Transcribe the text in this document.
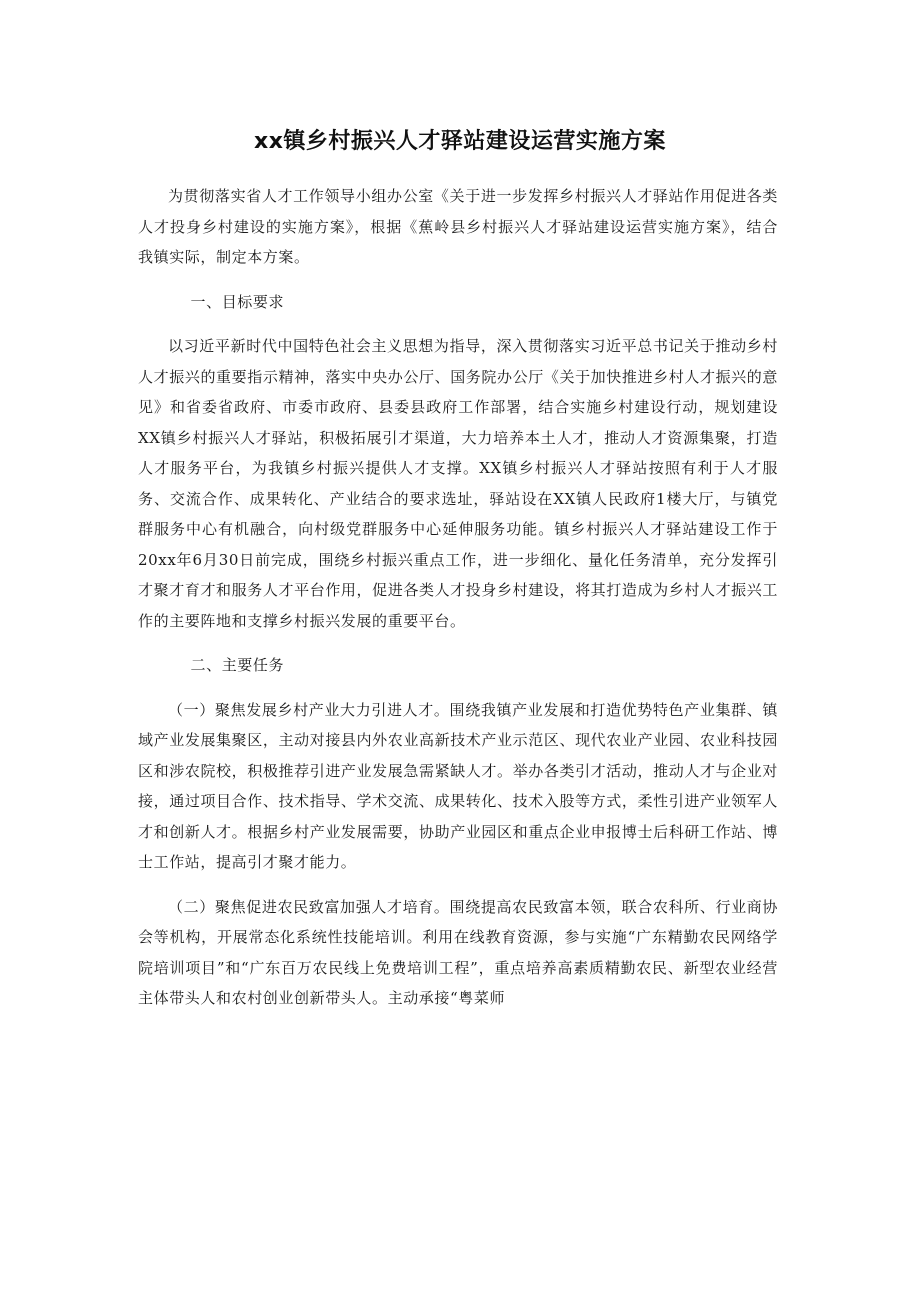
xx镇乡村振兴人才驿站建设运营实施方案

为贯彻落实省人才工作领导小组办公室《关于进一步发挥乡村振兴人才驿站作用促进各类人才投身乡村建设的实施方案》，根据《蕉岭县乡村振兴人才驿站建设运营实施方案》，结合我镇实际，制定本方案。

一、目标要求

以习近平新时代中国特色社会主义思想为指导，深入贯彻落实习近平总书记关于推动乡村人才振兴的重要指示精神，落实中央办公厅、国务院办公厅《关于加快推进乡村人才振兴的意见》和省委省政府、市委市政府、县委县政府工作部署，结合实施乡村建设行动，规划建设XX镇乡村振兴人才驿站，积极拓展引才渠道，大力培养本土人才，推动人才资源集聚，打造人才服务平台，为我镇乡村振兴提供人才支撑。XX镇乡村振兴人才驿站按照有利于人才服务、交流合作、成果转化、产业结合的要求选址，驿站设在XX镇人民政府1楼大厅，与镇党群服务中心有机融合，向村级党群服务中心延伸服务功能。镇乡村振兴人才驿站建设工作于20xx年6月30日前完成，围绕乡村振兴重点工作，进一步细化、量化任务清单，充分发挥引才聚才育才和服务人才平台作用，促进各类人才投身乡村建设，将其打造成为乡村人才振兴工作的主要阵地和支撑乡村振兴发展的重要平台。

二、主要任务

（一）聚焦发展乡村产业大力引进人才。围绕我镇产业发展和打造优势特色产业集群、镇域产业发展集聚区，主动对接县内外农业高新技术产业示范区、现代农业产业园、农业科技园区和涉农院校，积极推荐引进产业发展急需紧缺人才。举办各类引才活动，推动人才与企业对接，通过项目合作、技术指导、学术交流、成果转化、技术入股等方式，柔性引进产业领军人才和创新人才。根据乡村产业发展需要，协助产业园区和重点企业申报博士后科研工作站、博士工作站，提高引才聚才能力。

（二）聚焦促进农民致富加强人才培育。围绕提高农民致富本领，联合农科所、行业商协会等机构，开展常态化系统性技能培训。利用在线教育资源，参与实施“广东精勤农民网络学院培训项目”和“广东百万农民线上免费培训工程”，重点培养高素质精勤农民、新型农业经营主体带头人和农村创业创新带头人。主动承接“粤菜师
